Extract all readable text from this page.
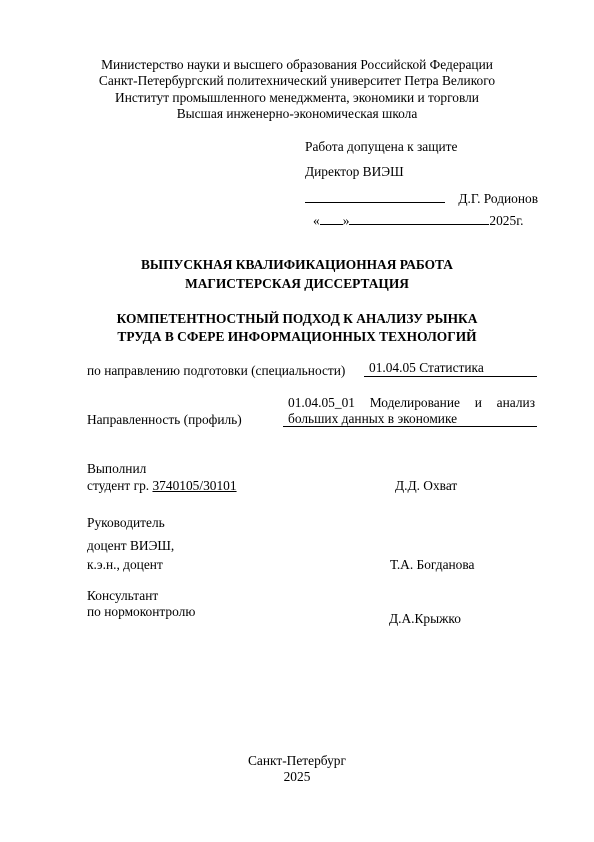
Министерство науки и высшего образования Российской Федерации
Санкт-Петербургский политехнический университет Петра Великого
Институт промышленного менеджмента, экономики и торговли
Высшая инженерно-экономическая школа
Работа допущена к защите
Директор ВИЭШ
Д.Г. Родионов
« »	2025г.
ВЫПУСКНАЯ КВАЛИФИКАЦИОННАЯ РАБОТА
МАГИСТЕРСКАЯ ДИССЕРТАЦИЯ
КОМПЕТЕНТНОСТНЫЙ ПОДХОД К АНАЛИЗУ РЫНКА
ТРУДА В СФЕРЕ ИНФОРМАЦИОННЫХ ТЕХНОЛОГИЙ
по направлению подготовки (специальности)	01.04.05 Статистика
Направленность (профиль)
01.04.05_01 Моделирование и анализ
больших данных в экономике
Выполнил
студент гр. 3740105/30101	Д.Д. Охват
Руководитель
доцент ВИЭШ,
к.э.н., доцент	Т.А. Богданова
Консультант
по нормоконтролю	Д.А.Крыжко
Санкт-Петербург
2025
